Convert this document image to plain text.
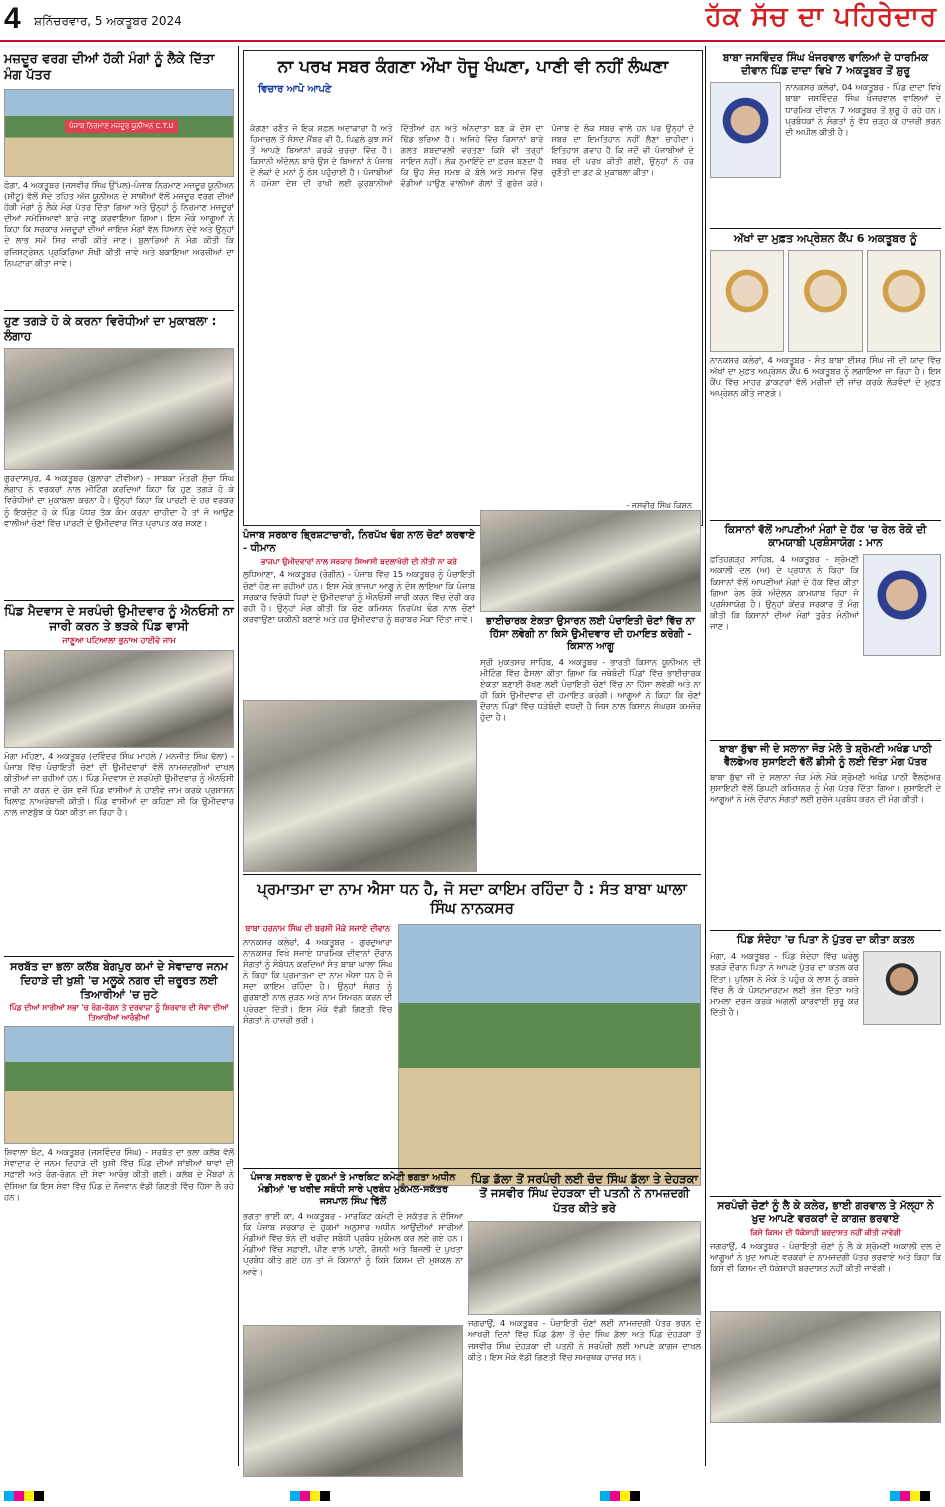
4 ਸ਼ਨਿੱਚਰਵਾਰ, 5 ਅਕਤੂਬਰ 2024	ਹੱਕ ਸੱਚ ਦਾ ਪਹਿਰੇਦਾਰ
ਮਜ਼ਦੂਰ ਵਰਗ ਦੀਆਂ ਹੱਕੀ ਮੰਗਾਂ ਨੂੰ ਲੈਕੇ ਦਿੱਤਾ ਮੰਗ ਪੱਤਰ
ਪੰਜਾਬ ਨਿਰਮਾਣ ਮਜ਼ਦੂਰ ਯੂਨੀਅਨ C.T.U
ਫੋਗਾ, 4 ਅਕਤੂਬਰ (ਜਸਵੀਰ ਸਿੰਘ ਉੱਪਲ)-ਪੰਜਾਬ ਨਿਰਮਾਣ ਮਜ਼ਦੂਰ ਯੂਨੀਅਨ (ਸੀਟੂ) ਵੱਲੋਂ ਸੱਦੇ ਤਹਿਤ ਅੱਜ ਯੂਨੀਅਨ ਦੇ ਸਾਥੀਆਂ ਵੱਲੋਂ ਮਜ਼ਦੂਰ ਵਰਗ ਦੀਆਂ ਹੱਕੀ ਮੰਗਾਂ ਨੂੰ ਲੈਕੇ ਮੰਗ ਪੱਤਰ ਦਿੱਤਾ ਗਿਆ ਅਤੇ ਉਨ੍ਹਾਂ ਨੂੰ ਨਿਰਮਾਣ ਮਜ਼ਦੂਰਾਂ ਦੀਆਂ ਸਮੱਸਿਆਵਾਂ ਬਾਰੇ ਜਾਣੂ ਕਰਵਾਇਆ ਗਿਆ। ਇਸ ਮੌਕੇ ਆਗੂਆਂ ਨੇ ਕਿਹਾ ਕਿ ਸਰਕਾਰ ਮਜ਼ਦੂਰਾਂ ਦੀਆਂ ਜਾਇਜ਼ ਮੰਗਾਂ ਵੱਲ ਧਿਆਨ ਦੇਵੇ ਅਤੇ ਉਨ੍ਹਾਂ ਦੇ ਲਾਭ ਸਮੇਂ ਸਿਰ ਜਾਰੀ ਕੀਤੇ ਜਾਣ। ਬੁਲਾਰਿਆਂ ਨੇ ਮੰਗ ਕੀਤੀ ਕਿ ਰਜਿਸਟ੍ਰੇਸ਼ਨ ਪ੍ਰਕਿਰਿਆ ਸੌਖੀ ਕੀਤੀ ਜਾਵੇ ਅਤੇ ਬਕਾਇਆ ਅਰਜ਼ੀਆਂ ਦਾ ਨਿਪਟਾਰਾ ਕੀਤਾ ਜਾਵੇ।
ਹੁਣ ਤਗੜੇ ਹੋ ਕੇ ਕਰਨਾ ਵਿਰੋਧੀਆਂ ਦਾ ਮੁਕਾਬਲਾ : ਲੰਗਾਹ
ਗੁਰਦਾਸਪੁਰ, 4 ਅਕਤੂਬਰ (ਬੁਲਾਰਾ ਟੀਵੀਆ) - ਸਾਬਕਾ ਮੰਤਰੀ ਸੁੱਚਾ ਸਿੰਘ ਲੰਗਾਹ ਨੇ ਵਰਕਰਾਂ ਨਾਲ ਮੀਟਿੰਗ ਕਰਦਿਆਂ ਕਿਹਾ ਕਿ ਹੁਣ ਤਗੜੇ ਹੋ ਕੇ ਵਿਰੋਧੀਆਂ ਦਾ ਮੁਕਾਬਲਾ ਕਰਨਾ ਹੈ। ਉਨ੍ਹਾਂ ਕਿਹਾ ਕਿ ਪਾਰਟੀ ਦੇ ਹਰ ਵਰਕਰ ਨੂੰ ਇਕਜੁੱਟ ਹੋ ਕੇ ਪਿੰਡ ਪੱਧਰ ਤੱਕ ਕੰਮ ਕਰਨਾ ਚਾਹੀਦਾ ਹੈ ਤਾਂ ਜੋ ਆਉਣ ਵਾਲੀਆਂ ਚੋਣਾਂ ਵਿੱਚ ਪਾਰਟੀ ਦੇ ਉਮੀਦਵਾਰ ਜਿੱਤ ਪ੍ਰਾਪਤ ਕਰ ਸਕਣ।
ਪਿੰਡ ਮੈਦਵਾਸ ਦੇ ਸਰਪੰਚੀ ਉਮੀਦਵਾਰ ਨੂੰ ਐਨਓਸੀ ਨਾ ਜਾਰੀ ਕਰਨ ਤੇ ਭੜਕੇ ਪਿੰਡ ਵਾਸੀ
ਜਾਣੂਆ ਪਟਿਆਲਾ ਭੁਨਾਅ ਹਾਈਵੇ ਜਾਮ
ਮੋਗਾ ਮਹਿਣਾ, 4 ਅਕਤੂਬਰ (ਦਵਿੰਦਰ ਸਿੰਘ ਮਾਹਲੇ / ਮਨਜੀਤ ਸਿੰਘ ਢੱਲਾ) - ਪੰਜਾਬ ਵਿੱਚ ਪੰਚਾਇਤੀ ਚੋਣਾਂ ਦੀ ਉਮੀਦਵਾਰਾਂ ਵੱਲੋਂ ਨਾਮਜ਼ਦਗੀਆਂ ਦਾਖਲ ਕੀਤੀਆਂ ਜਾ ਰਹੀਆਂ ਹਨ। ਪਿੰਡ ਮੈਦਵਾਸ ਦੇ ਸਰਪੰਚੀ ਉਮੀਦਵਾਰ ਨੂੰ ਐਨਓਸੀ ਜਾਰੀ ਨਾ ਕਰਨ ਦੇ ਰੋਸ ਵਜੋਂ ਪਿੰਡ ਵਾਸੀਆਂ ਨੇ ਹਾਈਵੇ ਜਾਮ ਕਰਕੇ ਪ੍ਰਸ਼ਾਸਨ ਖਿਲਾਫ਼ ਨਾਅਰੇਬਾਜ਼ੀ ਕੀਤੀ। ਪਿੰਡ ਵਾਸੀਆਂ ਦਾ ਕਹਿਣਾ ਸੀ ਕਿ ਉਮੀਦਵਾਰ ਨਾਲ ਜਾਣਬੁੱਝ ਕੇ ਧੱਕਾ ਕੀਤਾ ਜਾ ਰਿਹਾ ਹੈ।
ਸਰਬੱਤ ਦਾ ਭਲਾ ਕਲੱਬ ਬੇਗਪੁਰ ਕਮਾਂ ਦੇ ਸੇਵਾਦਾਰ ਜਨਮ ਦਿਹਾੜੇ ਦੀ ਖੁਸ਼ੀ 'ਚ ਮਲੂਕੇ ਨਗਰ ਦੀ ਜ਼ਰੂਰਤ ਲਈ ਤਿਆਰੀਆਂ 'ਚ ਜੁਟੇ
ਪਿੰਡ ਦੀਆਂ ਸਾਰੀਆਂ ਸਭਾ 'ਚ ਰੰਗ-ਰੋਗਨ ਤੇ ਦਰਵਾਜ਼ਾ ਨੂੰ ਸ਼ਿਰਵਾਰ ਦੀ ਸੇਵਾ ਦੀਆਂ ਤਿਆਰੀਆਂ ਆਰੰਭੀਆਂ
ਸ਼ਿਵਾਲਾ ਬੰਟ, 4 ਅਕਤੂਬਰ (ਜਸਵਿੰਦਰ ਸਿੰਘ) - ਸਰਬੱਤ ਦਾ ਭਲਾ ਕਲੱਬ ਵੱਲੋਂ ਸੇਵਾਦਾਰ ਦੇ ਜਨਮ ਦਿਹਾੜੇ ਦੀ ਖੁਸ਼ੀ ਵਿੱਚ ਪਿੰਡ ਦੀਆਂ ਸਾਂਝੀਆਂ ਥਾਵਾਂ ਦੀ ਸਫ਼ਾਈ ਅਤੇ ਰੰਗ-ਰੋਗਨ ਦੀ ਸੇਵਾ ਆਰੰਭ ਕੀਤੀ ਗਈ। ਕਲੱਬ ਦੇ ਮੈਂਬਰਾਂ ਨੇ ਦੱਸਿਆ ਕਿ ਇਸ ਸੇਵਾ ਵਿੱਚ ਪਿੰਡ ਦੇ ਨੌਜਵਾਨ ਵੱਡੀ ਗਿਣਤੀ ਵਿੱਚ ਹਿੱਸਾ ਲੈ ਰਹੇ ਹਨ।
ਨਾ ਪਰਖ ਸਬਰ ਕੰਗਣਾ ਔਖਾ ਹੋਜੂ ਖੰਘਣਾ, ਪਾਣੀ ਵੀ ਨਹੀਂ ਲੰਘਣਾ
ਵਿਚਾਰ ਆਪੋ ਆਪਣੇ
ਕੰਗਣਾ ਰਣੌਤ ਜੋ ਇਕ ਸਫ਼ਲ ਅਦਾਕਾਰਾ ਹੈ ਅਤੇ ਹਿਮਾਚਲ ਤੋਂ ਸੰਸਦ ਮੈਂਬਰ ਵੀ ਹੈ, ਪਿਛਲੇ ਕੁਝ ਸਮੇਂ ਤੋਂ ਆਪਣੇ ਬਿਆਨਾਂ ਕਰਕੇ ਚਰਚਾ ਵਿੱਚ ਹੈ। ਕਿਸਾਨੀ ਅੰਦੋਲਨ ਬਾਰੇ ਉਸ ਦੇ ਬਿਆਨਾਂ ਨੇ ਪੰਜਾਬ ਦੇ ਲੋਕਾਂ ਦੇ ਮਨਾਂ ਨੂੰ ਠੇਸ ਪਹੁੰਚਾਈ ਹੈ। ਪੰਜਾਬੀਆਂ ਨੇ ਹਮੇਸ਼ਾ ਦੇਸ਼ ਦੀ ਰਾਖੀ ਲਈ ਕੁਰਬਾਨੀਆਂ ਦਿੱਤੀਆਂ ਹਨ ਅਤੇ ਅੰਨਦਾਤਾ ਬਣ ਕੇ ਦੇਸ਼ ਦਾ ਢਿੱਡ ਭਰਿਆ ਹੈ। ਅਜਿਹੇ ਵਿੱਚ ਕਿਸਾਨਾਂ ਬਾਰੇ ਗਲਤ ਸ਼ਬਦਾਵਲੀ ਵਰਤਣਾ ਕਿਸੇ ਵੀ ਤਰ੍ਹਾਂ ਜਾਇਜ਼ ਨਹੀਂ। ਲੋਕ ਨੁਮਾਇੰਦੇ ਦਾ ਫ਼ਰਜ਼ ਬਣਦਾ ਹੈ ਕਿ ਉਹ ਸੋਚ ਸਮਝ ਕੇ ਬੋਲੇ ਅਤੇ ਸਮਾਜ ਵਿੱਚ ਵੰਡੀਆਂ ਪਾਉਣ ਵਾਲੀਆਂ ਗੱਲਾਂ ਤੋਂ ਗੁਰੇਜ਼ ਕਰੇ। ਪੰਜਾਬ ਦੇ ਲੋਕ ਸਬਰ ਵਾਲੇ ਹਨ ਪਰ ਉਨ੍ਹਾਂ ਦੇ ਸਬਰ ਦਾ ਇਮਤਿਹਾਨ ਨਹੀਂ ਲੈਣਾ ਚਾਹੀਦਾ। ਇਤਿਹਾਸ ਗਵਾਹ ਹੈ ਕਿ ਜਦੋਂ ਵੀ ਪੰਜਾਬੀਆਂ ਦੇ ਸਬਰ ਦੀ ਪਰਖ ਕੀਤੀ ਗਈ, ਉਨ੍ਹਾਂ ਨੇ ਹਰ ਚੁਣੌਤੀ ਦਾ ਡਟ ਕੇ ਮੁਕਾਬਲਾ ਕੀਤਾ।
- ਜਸਵੀਰ ਸਿੰਘ ਕਿਸ਼ਨ
ਪੰਜਾਬ ਸਰਕਾਰ ਭ੍ਰਿਸ਼ਟਾਚਾਰੀ, ਨਿਰਪੱਖ ਢੰਗ ਨਾਲ ਚੋਣਾਂ ਕਰਵਾਏ - ਧੀਮਾਨ
ਭਾਜਪਾ ਉਮੀਦਵਾਰਾਂ ਨਾਲ ਸਰਕਾਰ ਸਿਆਸੀ ਬਦਲਾਖੋਰੀ ਦੀ ਨੀਤੀ ਨਾ ਕਰੇ
ਲੁਧਿਆਣਾ, 4 ਅਕਤੂਬਰ (ਰੰਗੀਨ) - ਪੰਜਾਬ ਵਿੱਚ 15 ਅਕਤੂਬਰ ਨੂੰ ਪੰਚਾਇਤੀ ਚੋਣਾਂ ਹੋਣ ਜਾ ਰਹੀਆਂ ਹਨ। ਇਸ ਮੌਕੇ ਭਾਜਪਾ ਆਗੂ ਨੇ ਦੋਸ਼ ਲਾਇਆ ਕਿ ਪੰਜਾਬ ਸਰਕਾਰ ਵਿਰੋਧੀ ਧਿਰਾਂ ਦੇ ਉਮੀਦਵਾਰਾਂ ਨੂੰ ਐਨਓਸੀ ਜਾਰੀ ਕਰਨ ਵਿੱਚ ਦੇਰੀ ਕਰ ਰਹੀ ਹੈ। ਉਨ੍ਹਾਂ ਮੰਗ ਕੀਤੀ ਕਿ ਚੋਣ ਕਮਿਸ਼ਨ ਨਿਰਪੱਖ ਢੰਗ ਨਾਲ ਚੋਣਾਂ ਕਰਵਾਉਣਾ ਯਕੀਨੀ ਬਣਾਏ ਅਤੇ ਹਰ ਉਮੀਦਵਾਰ ਨੂੰ ਬਰਾਬਰ ਮੌਕਾ ਦਿੱਤਾ ਜਾਵੇ।	ਭਾਈਚਾਰਕ ਏਕਤਾ ਉਸਾਰਨ ਲਈ ਪੰਚਾਇਤੀ ਚੋਣਾਂ ਵਿੱਚ ਨਾ ਹਿੱਸਾ ਲਵੇਗੀ ਨਾ ਕਿਸੇ ਉਮੀਦਵਾਰ ਦੀ ਹਮਾਇਤ ਕਰੇਗੀ - ਕਿਸਾਨ ਆਗੂ
ਸ੍ਰੀ ਮੁਕਤਸਰ ਸਾਹਿਬ, 4 ਅਕਤੂਬਰ - ਭਾਰਤੀ ਕਿਸਾਨ ਯੂਨੀਅਨ ਦੀ ਮੀਟਿੰਗ ਵਿੱਚ ਫੈਸਲਾ ਕੀਤਾ ਗਿਆ ਕਿ ਜਥੇਬੰਦੀ ਪਿੰਡਾਂ ਵਿੱਚ ਭਾਈਚਾਰਕ ਏਕਤਾ ਬਣਾਈ ਰੱਖਣ ਲਈ ਪੰਚਾਇਤੀ ਚੋਣਾਂ ਵਿੱਚ ਨਾ ਹਿੱਸਾ ਲਵੇਗੀ ਅਤੇ ਨਾ ਹੀ ਕਿਸੇ ਉਮੀਦਵਾਰ ਦੀ ਹਮਾਇਤ ਕਰੇਗੀ। ਆਗੂਆਂ ਨੇ ਕਿਹਾ ਕਿ ਚੋਣਾਂ ਦੌਰਾਨ ਪਿੰਡਾਂ ਵਿੱਚ ਧੜੇਬੰਦੀ ਵਧਦੀ ਹੈ ਜਿਸ ਨਾਲ ਕਿਸਾਨ ਸੰਘਰਸ਼ ਕਮਜ਼ੋਰ ਹੁੰਦਾ ਹੈ।
ਪ੍ਰਮਾਤਮਾ ਦਾ ਨਾਮ ਐਸਾ ਧਨ ਹੈ, ਜੋ ਸਦਾ ਕਾਇਮ ਰਹਿੰਦਾ ਹੈ : ਸੰਤ ਬਾਬਾ ਘਾਲਾ ਸਿੰਘ ਨਾਨਕਸਰ
ਬਾਬਾ ਹਰਨਾਮ ਸਿੰਘ ਦੀ ਬਰਸੀ ਮੌਕੇ ਸਜਾਏ ਦੀਵਾਨ
ਨਾਨਕਸਰ ਕਲੇਰਾਂ, 4 ਅਕਤੂਬਰ - ਗੁਰਦੁਆਰਾ ਨਾਨਕਸਰ ਵਿਖੇ ਸਜਾਏ ਧਾਰਮਿਕ ਦੀਵਾਨਾਂ ਦੌਰਾਨ ਸੰਗਤਾਂ ਨੂੰ ਸੰਬੋਧਨ ਕਰਦਿਆਂ ਸੰਤ ਬਾਬਾ ਘਾਲਾ ਸਿੰਘ ਨੇ ਕਿਹਾ ਕਿ ਪ੍ਰਮਾਤਮਾ ਦਾ ਨਾਮ ਐਸਾ ਧਨ ਹੈ ਜੋ ਸਦਾ ਕਾਇਮ ਰਹਿੰਦਾ ਹੈ। ਉਨ੍ਹਾਂ ਸੰਗਤ ਨੂੰ ਗੁਰਬਾਣੀ ਨਾਲ ਜੁੜਨ ਅਤੇ ਨਾਮ ਸਿਮਰਨ ਕਰਨ ਦੀ ਪ੍ਰੇਰਣਾ ਦਿੱਤੀ। ਇਸ ਮੌਕੇ ਵੱਡੀ ਗਿਣਤੀ ਵਿੱਚ ਸੰਗਤਾਂ ਨੇ ਹਾਜ਼ਰੀ ਭਰੀ।
ਪੰਜਾਬ ਸਰਕਾਰ ਦੇ ਹੁਕਮਾਂ ਤੇ ਮਾਰਕਿਟ ਕਮੇਟੀ ਭਗਤਾ ਅਧੀਨ ਮੰਡੀਆਂ 'ਚ ਖਰੀਦ ਸਬੰਧੀ ਸਾਰੇ ਪ੍ਰਬੰਧ ਮੁਕੰਮਲ-ਸਕੱਤਰ ਜਸਪਾਲ ਸਿੰਘ ਢਿੱਲੋਂ
ਭਗਤਾ ਭਾਈ ਕਾ, 4 ਅਕਤੂਬਰ - ਮਾਰਕਿਟ ਕਮੇਟੀ ਦੇ ਸਕੱਤਰ ਨੇ ਦੱਸਿਆ ਕਿ ਪੰਜਾਬ ਸਰਕਾਰ ਦੇ ਹੁਕਮਾਂ ਅਨੁਸਾਰ ਅਧੀਨ ਆਉਂਦੀਆਂ ਸਾਰੀਆਂ ਮੰਡੀਆਂ ਵਿੱਚ ਝੋਨੇ ਦੀ ਖਰੀਦ ਸਬੰਧੀ ਪ੍ਰਬੰਧ ਮੁਕੰਮਲ ਕਰ ਲਏ ਗਏ ਹਨ। ਮੰਡੀਆਂ ਵਿੱਚ ਸਫ਼ਾਈ, ਪੀਣ ਵਾਲੇ ਪਾਣੀ, ਰੌਸ਼ਨੀ ਅਤੇ ਬਿਜਲੀ ਦੇ ਪੁਖ਼ਤਾ ਪ੍ਰਬੰਧ ਕੀਤੇ ਗਏ ਹਨ ਤਾਂ ਜੋ ਕਿਸਾਨਾਂ ਨੂੰ ਕਿਸੇ ਕਿਸਮ ਦੀ ਮੁਸ਼ਕਲ ਨਾ ਆਵੇ।
ਪਿੰਡ ਡੱਲਾ ਤੋਂ ਸਰਪੰਚੀ ਲਈ ਚੰਦ ਸਿੰਘ ਡੱਲਾ ਤੇ ਦੇਹੜਕਾ ਤੋਂ ਜਸਵੀਰ ਸਿੰਘ ਦੇਹੜਕਾ ਦੀ ਪਤਨੀ ਨੇ ਨਾਮਜ਼ਦਗੀ ਪੱਤਰ ਕੀਤੇ ਭਰੇ
ਜਗਰਾਉਂ, 4 ਅਕਤੂਬਰ - ਪੰਚਾਇਤੀ ਚੋਣਾਂ ਲਈ ਨਾਮਜ਼ਦਗੀ ਪੱਤਰ ਭਰਨ ਦੇ ਆਖਰੀ ਦਿਨਾਂ ਵਿੱਚ ਪਿੰਡ ਡੱਲਾ ਤੋਂ ਚੰਦ ਸਿੰਘ ਡੱਲਾ ਅਤੇ ਪਿੰਡ ਦੇਹੜਕਾ ਤੋਂ ਜਸਵੀਰ ਸਿੰਘ ਦੇਹੜਕਾ ਦੀ ਪਤਨੀ ਨੇ ਸਰਪੰਚੀ ਲਈ ਆਪਣੇ ਕਾਗਜ਼ ਦਾਖਲ ਕੀਤੇ। ਇਸ ਮੌਕੇ ਵੱਡੀ ਗਿਣਤੀ ਵਿੱਚ ਸਮਰਥਕ ਹਾਜ਼ਰ ਸਨ।
ਬਾਬਾ ਜਸਵਿੰਦਰ ਸਿੰਘ ਖੰਜਰਵਾਲ ਵਾਲਿਆਂ ਦੇ ਧਾਰਮਿਕ ਦੀਵਾਨ ਪਿੰਡ ਦਾਦਾ ਵਿਖੇ 7 ਅਕਤੂਬਰ ਤੋਂ ਸ਼ੁਰੂ
ਨਾਨਕਸਰ ਕਲੇਰਾਂ, 04 ਅਕਤੂਬਰ - ਪਿੰਡ ਦਾਦਾ ਵਿਖੇ ਬਾਬਾ ਜਸਵਿੰਦਰ ਸਿੰਘ ਖੰਜਰਵਾਲ ਵਾਲਿਆਂ ਦੇ ਧਾਰਮਿਕ ਦੀਵਾਨ 7 ਅਕਤੂਬਰ ਤੋਂ ਸ਼ੁਰੂ ਹੋ ਰਹੇ ਹਨ। ਪ੍ਰਬੰਧਕਾਂ ਨੇ ਸੰਗਤਾਂ ਨੂੰ ਵੱਧ ਚੜ੍ਹ ਕੇ ਹਾਜ਼ਰੀ ਭਰਨ ਦੀ ਅਪੀਲ ਕੀਤੀ ਹੈ।
ਅੱਖਾਂ ਦਾ ਮੁਫ਼ਤ ਅਪ੍ਰੇਸ਼ਨ ਕੈਂਪ 6 ਅਕਤੂਬਰ ਨੂੰ
ਨਾਨਕਸਰ ਕਲੇਰਾਂ, 4 ਅਕਤੂਬਰ - ਸੰਤ ਬਾਬਾ ਈਸ਼ਰ ਸਿੰਘ ਜੀ ਦੀ ਯਾਦ ਵਿੱਚ ਅੱਖਾਂ ਦਾ ਮੁਫ਼ਤ ਅਪ੍ਰੇਸ਼ਨ ਕੈਂਪ 6 ਅਕਤੂਬਰ ਨੂੰ ਲਗਾਇਆ ਜਾ ਰਿਹਾ ਹੈ। ਇਸ ਕੈਂਪ ਵਿੱਚ ਮਾਹਰ ਡਾਕਟਰਾਂ ਵੱਲੋਂ ਮਰੀਜ਼ਾਂ ਦੀ ਜਾਂਚ ਕਰਕੇ ਲੋੜਵੰਦਾਂ ਦੇ ਮੁਫ਼ਤ ਅਪ੍ਰੇਸ਼ਨ ਕੀਤੇ ਜਾਣਗੇ।
ਕਿਸਾਨਾਂ ਵੱਲੋਂ ਆਪਣੀਆਂ ਮੰਗਾਂ ਦੇ ਹੱਕ 'ਚ ਰੇਲ ਰੋਕੋ ਦੀ ਕਾਮਯਾਬੀ ਪ੍ਰਸ਼ੰਸਾਯੋਗ : ਮਾਨ
ਫ਼ਤਿਹਗੜ੍ਹ ਸਾਹਿਬ, 4 ਅਕਤੂਬਰ - ਸ਼੍ਰੋਮਣੀ ਅਕਾਲੀ ਦਲ (ਅ) ਦੇ ਪ੍ਰਧਾਨ ਨੇ ਕਿਹਾ ਕਿ ਕਿਸਾਨਾਂ ਵੱਲੋਂ ਆਪਣੀਆਂ ਮੰਗਾਂ ਦੇ ਹੱਕ ਵਿੱਚ ਕੀਤਾ ਗਿਆ ਰੇਲ ਰੋਕੋ ਅੰਦੋਲਨ ਕਾਮਯਾਬ ਰਿਹਾ ਜੋ ਪ੍ਰਸ਼ੰਸਾਯੋਗ ਹੈ। ਉਨ੍ਹਾਂ ਕੇਂਦਰ ਸਰਕਾਰ ਤੋਂ ਮੰਗ ਕੀਤੀ ਕਿ ਕਿਸਾਨਾਂ ਦੀਆਂ ਮੰਗਾਂ ਤੁਰੰਤ ਮੰਨੀਆਂ ਜਾਣ।
ਬਾਬਾ ਬੁੱਢਾ ਜੀ ਦੇ ਸਲਾਨਾ ਜੋੜ ਮੇਲੇ ਤੇ ਸ਼੍ਰੋਮਣੀ ਅਖੰਡ ਪਾਠੀ ਵੈੱਲਫੇਅਰ ਸੁਸਾਇਟੀ ਵੱਲੋਂ ਡੀਸੀ ਨੂੰ ਲਈ ਦਿੱਤਾ ਮੰਗ ਪੱਤਰ
ਬਾਬਾ ਬੁੱਢਾ ਜੀ ਦੇ ਸਲਾਨਾ ਜੋੜ ਮੇਲੇ ਮੌਕੇ ਸ਼੍ਰੋਮਣੀ ਅਖੰਡ ਪਾਠੀ ਵੈੱਲਫੇਅਰ ਸੁਸਾਇਟੀ ਵੱਲੋਂ ਡਿਪਟੀ ਕਮਿਸ਼ਨਰ ਨੂੰ ਮੰਗ ਪੱਤਰ ਦਿੱਤਾ ਗਿਆ। ਸੁਸਾਇਟੀ ਦੇ ਆਗੂਆਂ ਨੇ ਮੇਲੇ ਦੌਰਾਨ ਸੰਗਤਾਂ ਲਈ ਸੁਚੱਜੇ ਪ੍ਰਬੰਧ ਕਰਨ ਦੀ ਮੰਗ ਕੀਤੀ।
ਪਿੰਡ ਸੰਦੇਹਾ 'ਚ ਪਿਤਾ ਨੇ ਪੁੱਤਰ ਦਾ ਕੀਤਾ ਕਤਲ
ਮੋਗਾ, 4 ਅਕਤੂਬਰ - ਪਿੰਡ ਸੰਦੇਹਾ ਵਿੱਚ ਘਰੇਲੂ ਝਗੜੇ ਦੌਰਾਨ ਪਿਤਾ ਨੇ ਆਪਣੇ ਪੁੱਤਰ ਦਾ ਕਤਲ ਕਰ ਦਿੱਤਾ। ਪੁਲਿਸ ਨੇ ਮੌਕੇ ਤੇ ਪਹੁੰਚ ਕੇ ਲਾਸ਼ ਨੂੰ ਕਬਜ਼ੇ ਵਿੱਚ ਲੈ ਕੇ ਪੋਸਟਮਾਰਟਮ ਲਈ ਭੇਜ ਦਿੱਤਾ ਅਤੇ ਮਾਮਲਾ ਦਰਜ ਕਰਕੇ ਅਗਲੀ ਕਾਰਵਾਈ ਸ਼ੁਰੂ ਕਰ ਦਿੱਤੀ ਹੈ।
ਸਰਪੰਚੀ ਚੋਣਾਂ ਨੂੰ ਲੈ ਕੇ ਕਲੇਰ, ਭਾਈ ਗਰਵਾਲ ਤੇ ਮੱਲ੍ਹਾ ਨੇ ਖੁਦ ਆਪਣੇ ਵਰਕਰਾਂ ਦੇ ਕਾਗਜ਼ ਭਰਵਾਏ
ਕਿਸੇ ਕਿਸਮ ਦੀ ਧੱਕੇਸ਼ਾਹੀ ਬਰਦਾਸ਼ਤ ਨਹੀਂ ਕੀਤੀ ਜਾਵੇਗੀ
ਜਗਰਾਉਂ, 4 ਅਕਤੂਬਰ - ਪੰਚਾਇਤੀ ਚੋਣਾਂ ਨੂੰ ਲੈ ਕੇ ਸ਼੍ਰੋਮਣੀ ਅਕਾਲੀ ਦਲ ਦੇ ਆਗੂਆਂ ਨੇ ਖੁਦ ਆਪਣੇ ਵਰਕਰਾਂ ਦੇ ਨਾਮਜ਼ਦਗੀ ਪੱਤਰ ਭਰਵਾਏ ਅਤੇ ਕਿਹਾ ਕਿ ਕਿਸੇ ਵੀ ਕਿਸਮ ਦੀ ਧੱਕੇਸ਼ਾਹੀ ਬਰਦਾਸ਼ਤ ਨਹੀਂ ਕੀਤੀ ਜਾਵੇਗੀ।
